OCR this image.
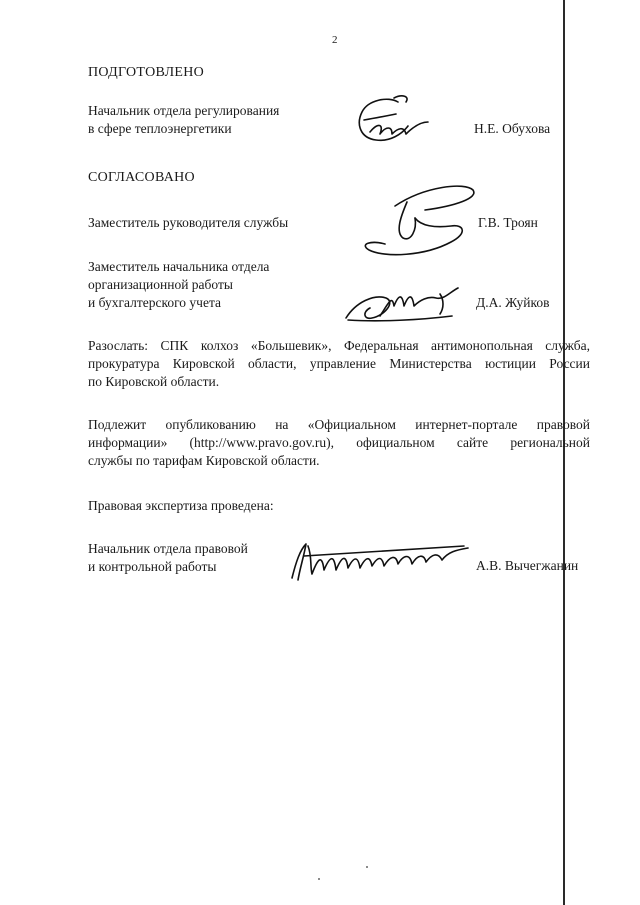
2
ПОДГОТОВЛЕНО
Начальник отдела регулирования
в сфере теплоэнергетики	Н.Е. Обухова
СОГЛАСОВАНО
Заместитель руководителя службы	Г.В. Троян
Заместитель начальника отдела
организационной работы
и бухгалтерского учета	Д.А. Жуйков
Разослать: СПК колхоз «Большевик», Федеральная антимонопольная служба,
прокуратура Кировской области, управление Министерства юстиции России
по Кировской области.
Подлежит опубликованию на «Официальном интернет-портале правовой
информации» (http://www.pravo.gov.ru), официальном сайте региональной
службы по тарифам Кировской области.
Правовая экспертиза проведена:
Начальник отдела правовой
и контрольной работы	А.В. Вычегжанин
